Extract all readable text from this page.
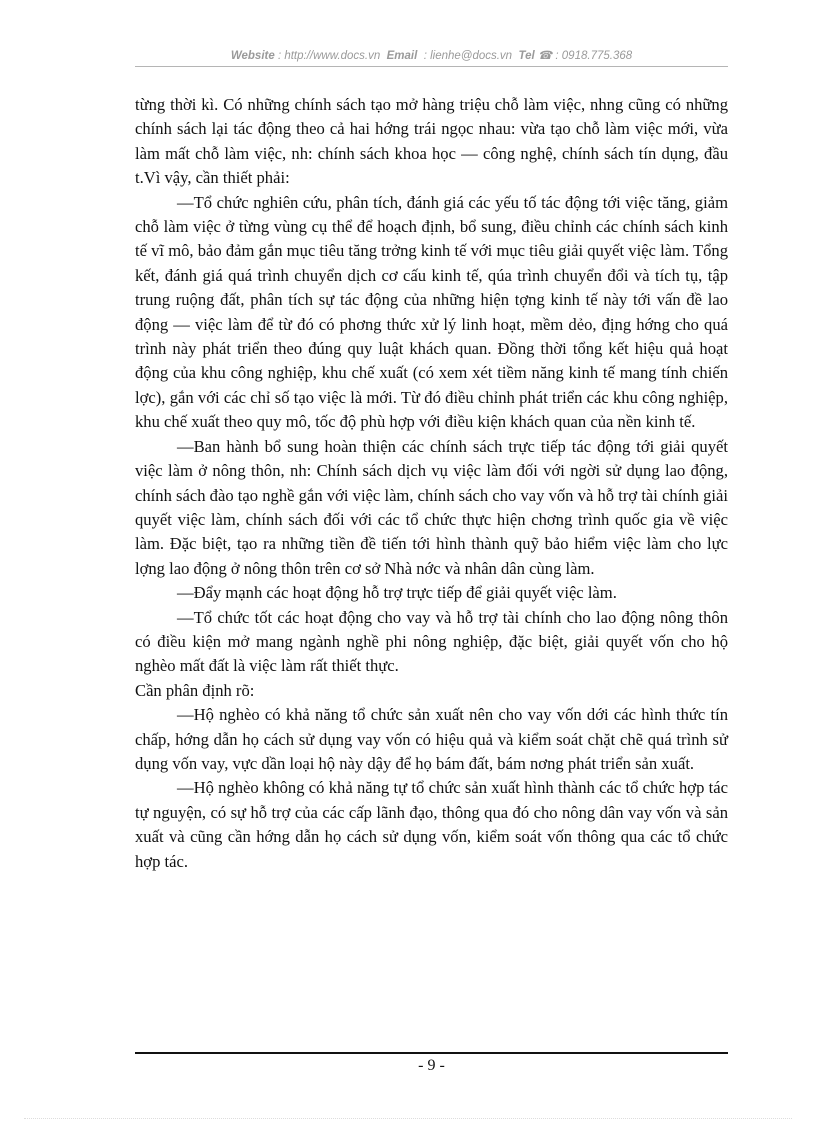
Website : http://www.docs.vn Email : lienhe@docs.vn Tel ☎ : 0918.775.368

từng thời kì. Có những chính sách tạo mở hàng triệu chỗ làm việc, nhng cũng có những chính sách lại tác động theo cả hai hớng trái ngọc nhau: vừa tạo chỗ làm việc mới, vừa làm mất chỗ làm việc, nh: chính sách khoa học — công nghệ, chính sách tín dụng, đầu t.Vì vậy, cần thiết phải:

—Tổ chức nghiên cứu, phân tích, đánh giá các yếu tố tác động tới việc tăng, giảm chỗ làm việc ở từng vùng cụ thể để hoạch định, bổ sung, điều chỉnh các chính sách kinh tế vĩ mô, bảo đảm gắn mục tiêu tăng trởng kinh tế với mục tiêu giải quyết việc làm. Tổng kết, đánh giá quá trình chuyển dịch cơ cấu kinh tế, qúa trình chuyển đổi và tích tụ, tập trung ruộng đất, phân tích sự tác động của những hiện tợng kinh tế này tới vấn đề lao động — việc làm để từ đó có phơng thức xử lý linh hoạt, mềm dẻo, địng hớng cho quá trình này phát triển theo đúng quy luật khách quan. Đồng thời tổng kết hiệu quả hoạt động của khu công nghiệp, khu chế xuất (có xem xét tiềm năng kinh tế mang tính chiến lợc), gắn với các chỉ số tạo việc là mới. Từ đó điều chỉnh phát triển các khu công nghiệp, khu chế xuất theo quy mô, tốc độ phù hợp với điều kiện khách quan của nền kinh tế.

—Ban hành bổ sung hoàn thiện các chính sách trực tiếp tác động tới giải quyết việc làm ở nông thôn, nh: Chính sách dịch vụ việc làm đối với ngời sử dụng lao động, chính sách đào tạo nghề gắn với việc làm, chính sách cho vay vốn và hỗ trợ tài chính giải quyết việc làm, chính sách đối với các tổ chức thực hiện chơng trình quốc gia về việc làm. Đặc biệt, tạo ra những tiền đề tiến tới hình thành quỹ bảo hiểm việc làm cho lực lợng lao động ở nông thôn trên cơ sở Nhà nớc và nhân dân cùng làm.

—Đẩy mạnh các hoạt động hỗ trợ trực tiếp để giải quyết việc làm.

—Tổ chức tốt các hoạt động cho vay và hỗ trợ tài chính cho lao động nông thôn có điều kiện mở mang ngành nghề phi nông nghiệp, đặc biệt, giải quyết vốn cho hộ nghèo mất đất là việc làm rất thiết thực.

Cần phân định rõ:

—Hộ nghèo có khả năng tổ chức sản xuất nên cho vay vốn dới các hình thức tín chấp, hớng dẫn họ cách sử dụng vay vốn có hiệu quả và kiểm soát chặt chẽ quá trình sử dụng vốn vay, vực dần loại hộ này dậy để họ bám đất, bám nơng phát triển sản xuất.

—Hộ nghèo không có khả năng tự tổ chức sản xuất hình thành các tổ chức hợp tác tự nguyện, có sự hỗ trợ của các cấp lãnh đạo, thông qua đó cho nông dân vay vốn và sản xuất và cũng cần hớng dẫn họ cách sử dụng vốn, kiểm soát vốn thông qua các tổ chức hợp tác.

- 9 -
